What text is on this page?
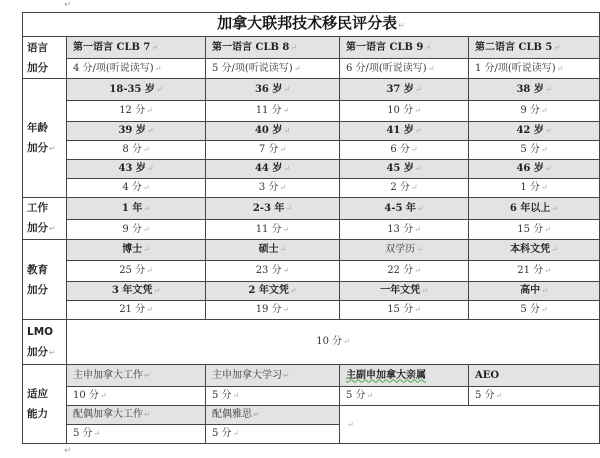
↵
↵
加拿大联邦技术移民评分表 ↵
语言
加分	第一语言 CLB 7 ↵	第一语言 CLB 8 ↵	第一语言 CLB 9 ↵	第二语言 CLB 5 ↵
	4 分/项(听说读写) ↵	5 分/项(听说读写) ↵	6 分/项(听说读写) ↵	1 分/项(听说读写) ↵
年龄
加分 ↵	18-35 岁 ↵	36 岁 ↵	37 岁 ↵	38 岁 ↵
	12 分 ↵	11 分 ↵	10 分 ↵	9 分 ↵
	39 岁 ↵	40 岁 ↵	41 岁 ↵	42 岁 ↵
	8 分 ↵	7 分 ↵	6 分 ↵	5 分 ↵
	43 岁 ↵	44 岁 ↵	45 岁 ↵	46 岁 ↵
	4 分 ↵	3 分 ↵	2 分 ↵	1 分 ↵
工作
加分 ↵	1 年 ↵	2-3 年 ↵	4-5 年 ↵	6 年以上 ↵
	9 分 ↵	11 分 ↵	13 分 ↵	15 分 ↵
教育
加分	博士 ↵	硕士 ↵	双学历 ↵	本科文凭 ↵
	25 分 ↵	23 分 ↵	22 分 ↵	21 分 ↵
	3 年文凭 ↵	2 年文凭 ↵	一年文凭 ↵	高中 ↵
	21 分 ↵	19 分 ↵	15 分 ↵	5 分 ↵
LMO
加分 ↵	10 分 ↵
适应
能力	主申加拿大工作 ↵	主申加拿大学习 ↵	主副申加拿大亲属	AEO
	10 分 ↵	5 分 ↵	5 分 ↵	5 分 ↵
	配偶加拿大工作 ↵	配偶雅思 ↵	↵
	5 分 ↵	5 分 ↵
